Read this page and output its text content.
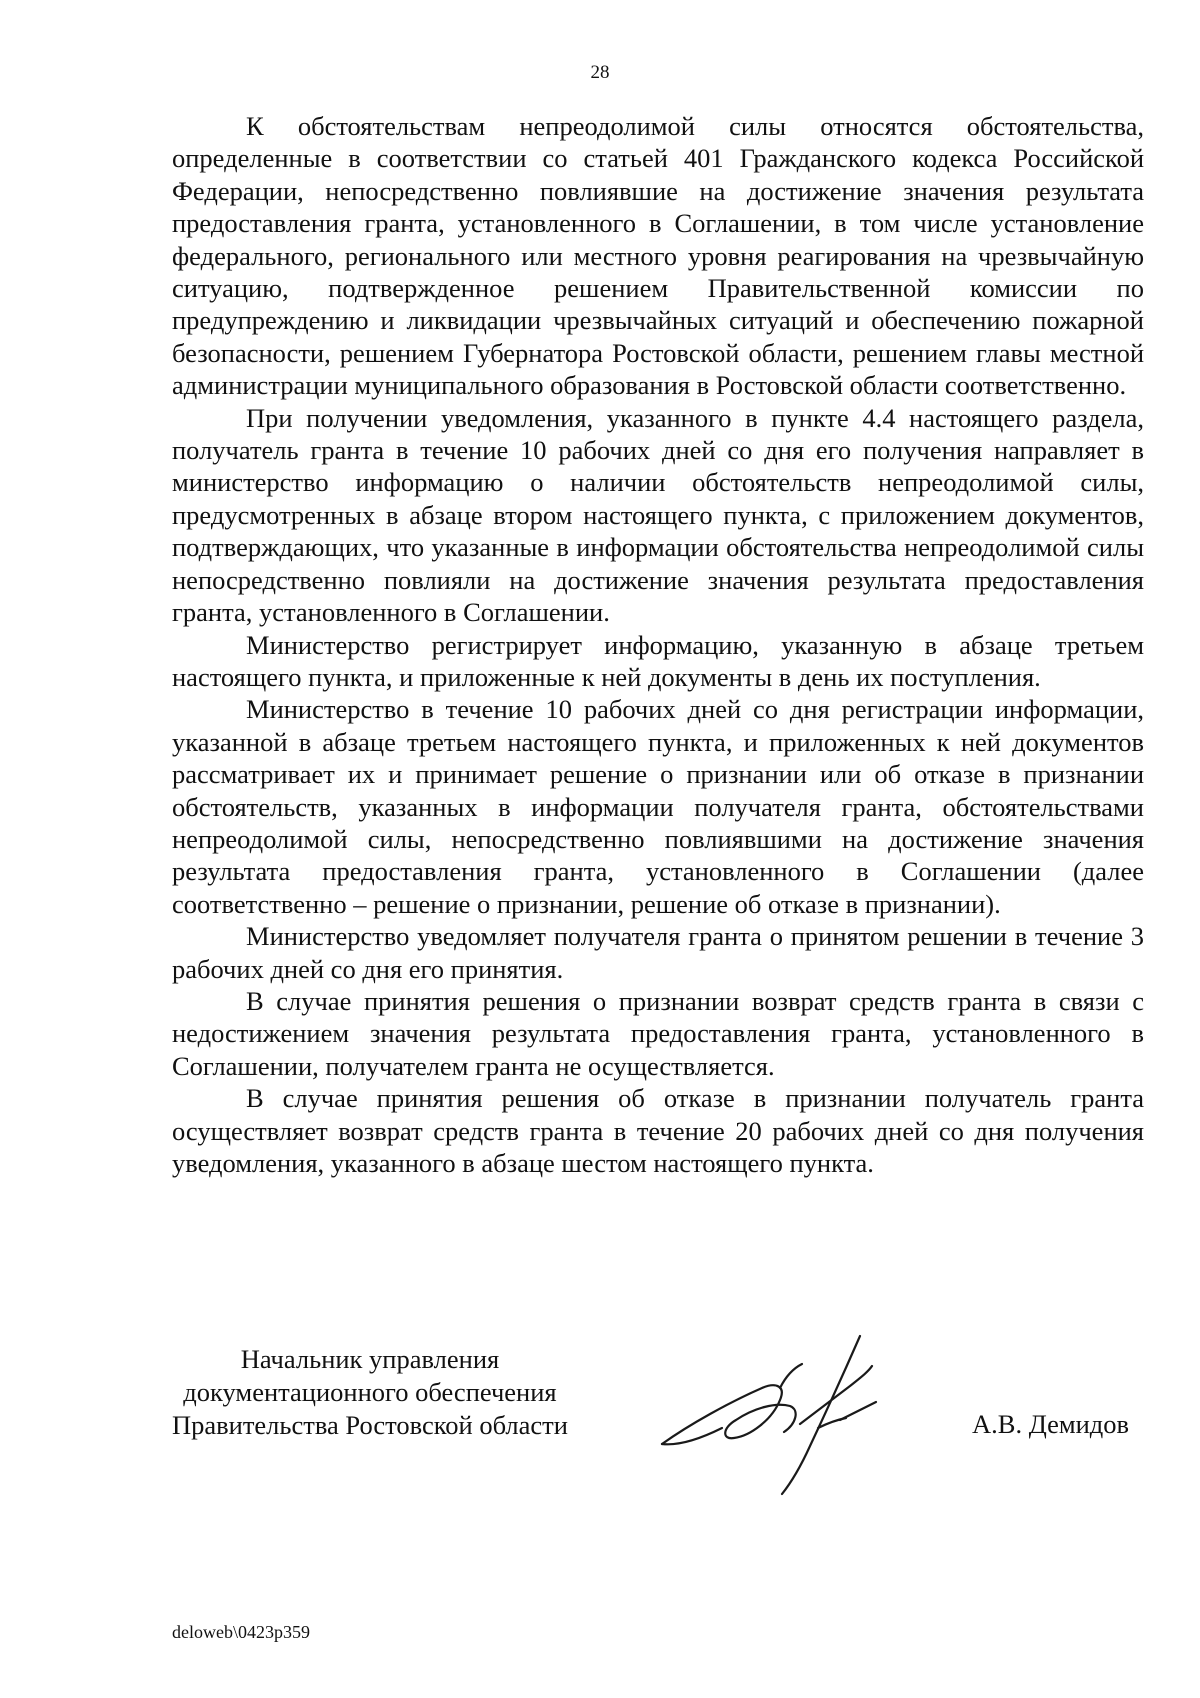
28

К обстоятельствам непреодолимой силы относятся обстоятельства, определенные в соответствии со статьей 401 Гражданского кодекса Российской Федерации, непосредственно повлиявшие на достижение значения результата предоставления гранта, установленного в Соглашении, в том числе установление федерального, регионального или местного уровня реагирования на чрезвычайную ситуацию, подтвержденное решением Правительственной комиссии по предупреждению и ликвидации чрезвычайных ситуаций и обеспечению пожарной безопасности, решением Губернатора Ростовской области, решением главы местной администрации муниципального образования в Ростовской области соответственно.

При получении уведомления, указанного в пункте 4.4 настоящего раздела, получатель гранта в течение 10 рабочих дней со дня его получения направляет в министерство информацию о наличии обстоятельств непреодолимой силы, предусмотренных в абзаце втором настоящего пункта, с приложением документов, подтверждающих, что указанные в информации обстоятельства непреодолимой силы непосредственно повлияли на достижение значения результата предоставления гранта, установленного в Соглашении.

Министерство регистрирует информацию, указанную в абзаце третьем настоящего пункта, и приложенные к ней документы в день их поступления.

Министерство в течение 10 рабочих дней со дня регистрации информации, указанной в абзаце третьем настоящего пункта, и приложенных к ней документов рассматривает их и принимает решение о признании или об отказе в признании обстоятельств, указанных в информации получателя гранта, обстоятельствами непреодолимой силы, непосредственно повлиявшими на достижение значения результата предоставления гранта, установленного в Соглашении (далее соответственно – решение о признании, решение об отказе в признании).

Министерство уведомляет получателя гранта о принятом решении в течение 3 рабочих дней со дня его принятия.

В случае принятия решения о признании возврат средств гранта в связи с недостижением значения результата предоставления гранта, установленного в Соглашении, получателем гранта не осуществляется.

В случае принятия решения об отказе в признании получатель гранта осуществляет возврат средств гранта в течение 20 рабочих дней со дня получения уведомления, указанного в абзаце шестом настоящего пункта.

Начальник управления
документационного обеспечения
Правительства Ростовской области	А.В. Демидов
deloweb\0423p359
